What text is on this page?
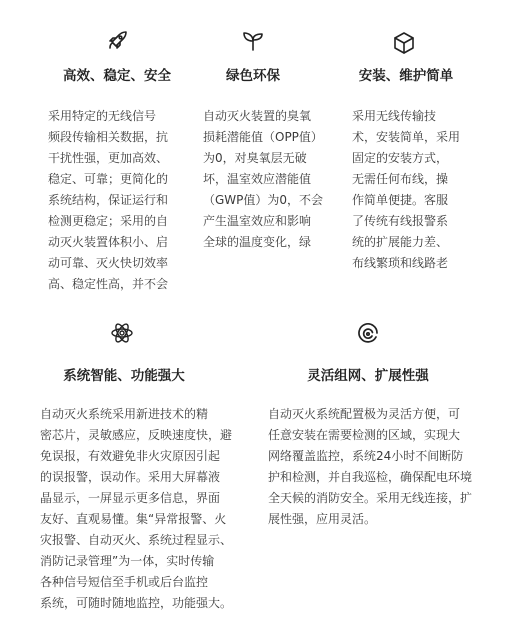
高效、稳定、安全
采用特定的无线信号
频段传输相关数据，抗
干扰性强，更加高效、
稳定、可靠；更简化的
系统结构，保证运行和
检测更稳定；采用的自
动灭火装置体积小、启
动可靠、灭火快切效率
高、稳定性高，并不会
绿色环保
自动灭火装置的臭氧
损耗潜能值（OPP值）
为0，对臭氧层无破
坏，温室效应潜能值
（GWP值）为0，不会
产生温室效应和影响
全球的温度变化，绿
安装、维护简单
采用无线传输技
术，安装简单，采用
固定的安装方式，
无需任何布线，操
作简单便捷。客服
了传统有线报警系
统的扩展能力差、
布线繁琐和线路老
系统智能、功能强大
自动灭火系统采用新进技术的精
密芯片，灵敏感应，反映速度快，避
免误报，有效避免非火灾原因引起
的误报警，误动作。采用大屏幕液
晶显示，一屏显示更多信息，界面
友好、直观易懂。集“异常报警、火
灾报警、自动灭火、系统过程显示、
消防记录管理”为一体，实时传输
各种信号短信至手机或后台监控
系统，可随时随地监控，功能强大。
灵活组网、扩展性强
自动灭火系统配置极为灵活方便，可
任意安装在需要检测的区域，实现大
网络覆盖监控，系统24小时不间断防
护和检测，并自我巡检，确保配电环境
全天候的消防安全。采用无线连接，扩
展性强，应用灵活。
